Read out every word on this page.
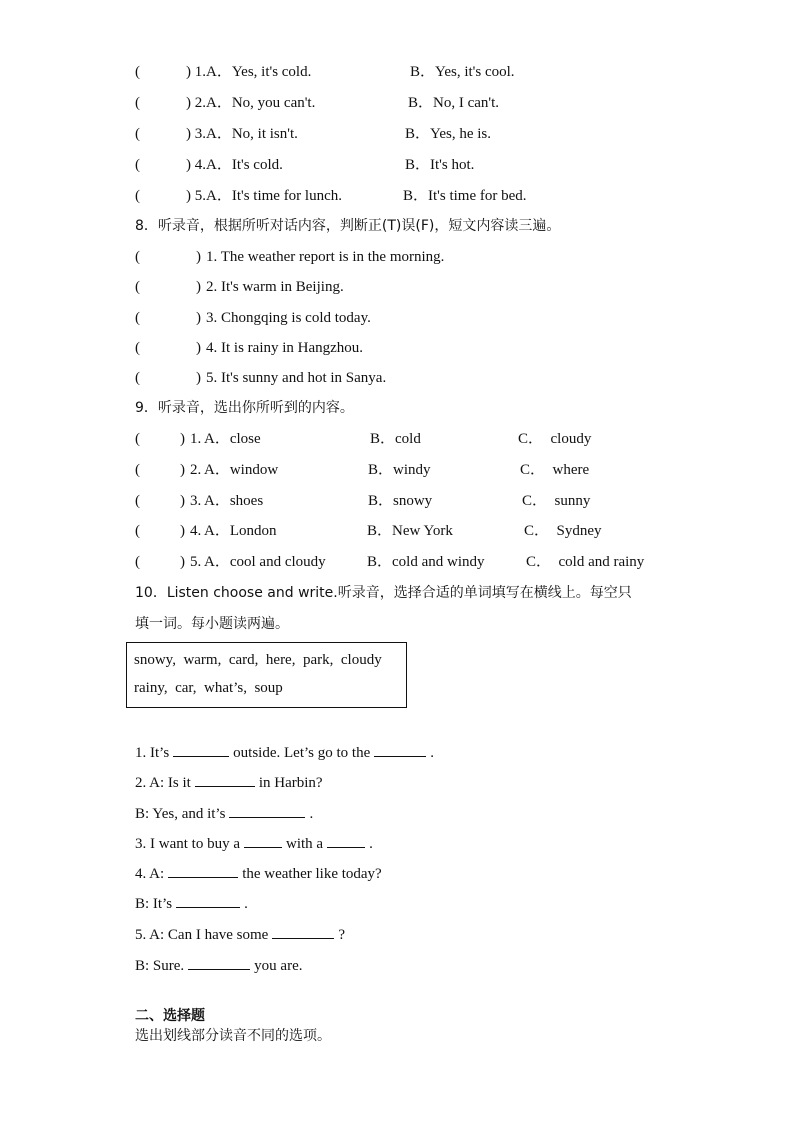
(	) 1.A．Yes, it's cold.	B．Yes, it's cool.
(	) 2.A．No, you can't.	B．No, I can't.
(	) 3.A．No, it isn't.	B．Yes, he is.
(	) 4.A．It's cold.	B．It's hot.
(	) 5.A．It's time for lunch.	B．It's time for bed.
8．听录音，根据所听对话内容，判断正(T)误(F)，短文内容读三遍。
(	) 1. The weather report is in the morning.
(	) 2. It's warm in Beijing.
(	) 3. Chongqing is cold today.
(	) 4. It is rainy in Hangzhou.
(	) 5. It's sunny and hot in Sanya.
9．听录音，选出你所听到的内容。
(	) 1. A．close	B．cold	C．  cloudy
(	) 2. A．window	B．windy	C．  where
(	) 3. A．shoes	B．snowy	C．  sunny
(	) 4. A．London	B．New York	C．  Sydney
(	) 5. A．cool and cloudy	B．cold and windy	C．  cold and rainy
10．Listen choose and write.听录音，选择合适的单词填写在横线上。每空只
填一词。每小题读两遍。
snowy,  warm,  card,  here,  park,  cloudy
rainy,  car,  what’s,  soup
1. It’s	outside. Let’s go to the	.
2. A: Is it	in Harbin?
B: Yes, and it’s	.
3. I want to buy a	with a	.
4. A:	the weather like today?
B: It’s	.
5. A: Can I have some	?
B: Sure.	you are.
二、选择题
选出划线部分读音不同的选项。
